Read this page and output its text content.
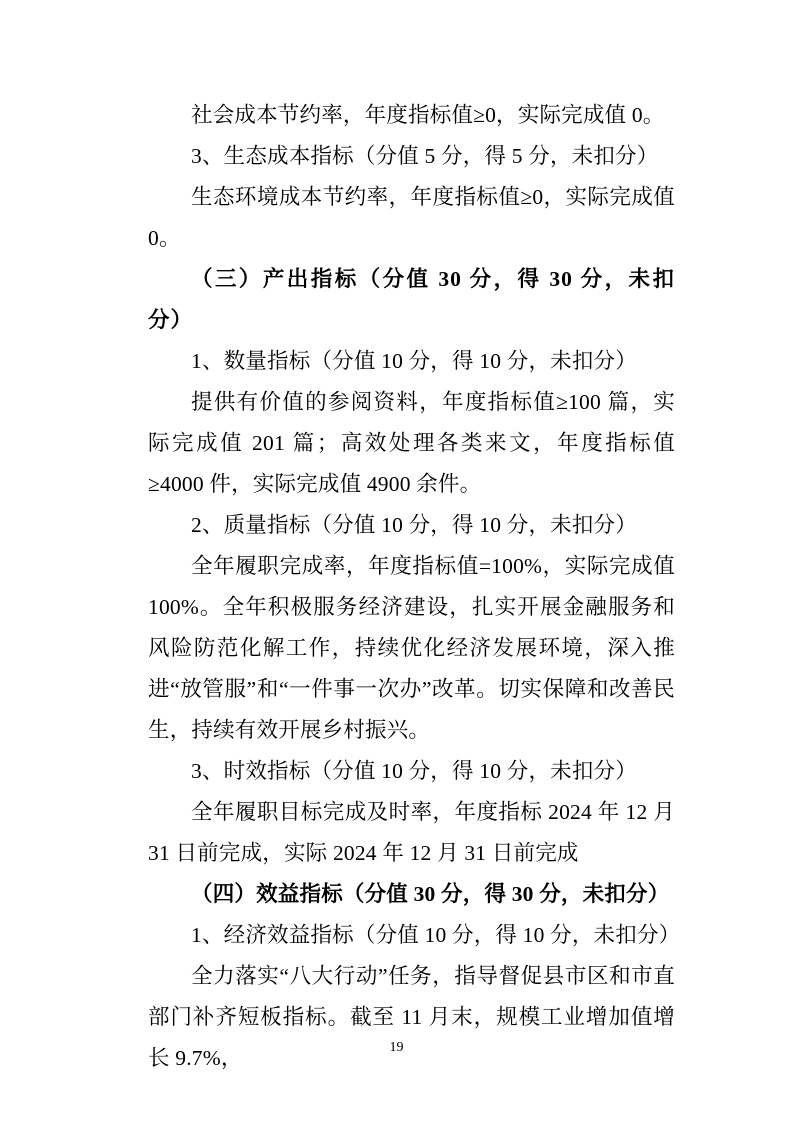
社会成本节约率，年度指标值≥0，实际完成值 0。

3、生态成本指标（分值 5 分，得 5 分，未扣分）

生态环境成本节约率，年度指标值≥0，实际完成值 0。

（三）产出指标（分值 30 分，得 30 分，未扣分）

1、数量指标（分值 10 分，得 10 分，未扣分）

提供有价值的参阅资料，年度指标值≥100 篇，实际完成值 201 篇；高效处理各类来文，年度指标值≥4000 件，实际完成值 4900 余件。

2、质量指标（分值 10 分，得 10 分，未扣分）

全年履职完成率，年度指标值=100%，实际完成值 100%。全年积极服务经济建设，扎实开展金融服务和风险防范化解工作，持续优化经济发展环境，深入推进“放管服”和“一件事一次办”改革。切实保障和改善民生，持续有效开展乡村振兴。

3、时效指标（分值 10 分，得 10 分，未扣分）

全年履职目标完成及时率，年度指标 2024 年 12 月 31 日前完成，实际 2024 年 12 月 31 日前完成

（四）效益指标（分值 30 分，得 30 分，未扣分）

1、经济效益指标（分值 10 分，得 10 分，未扣分）

全力落实“八大行动”任务，指导督促县市区和市直部门补齐短板指标。截至 11 月末，规模工业增加值增长 9.7%，	19
